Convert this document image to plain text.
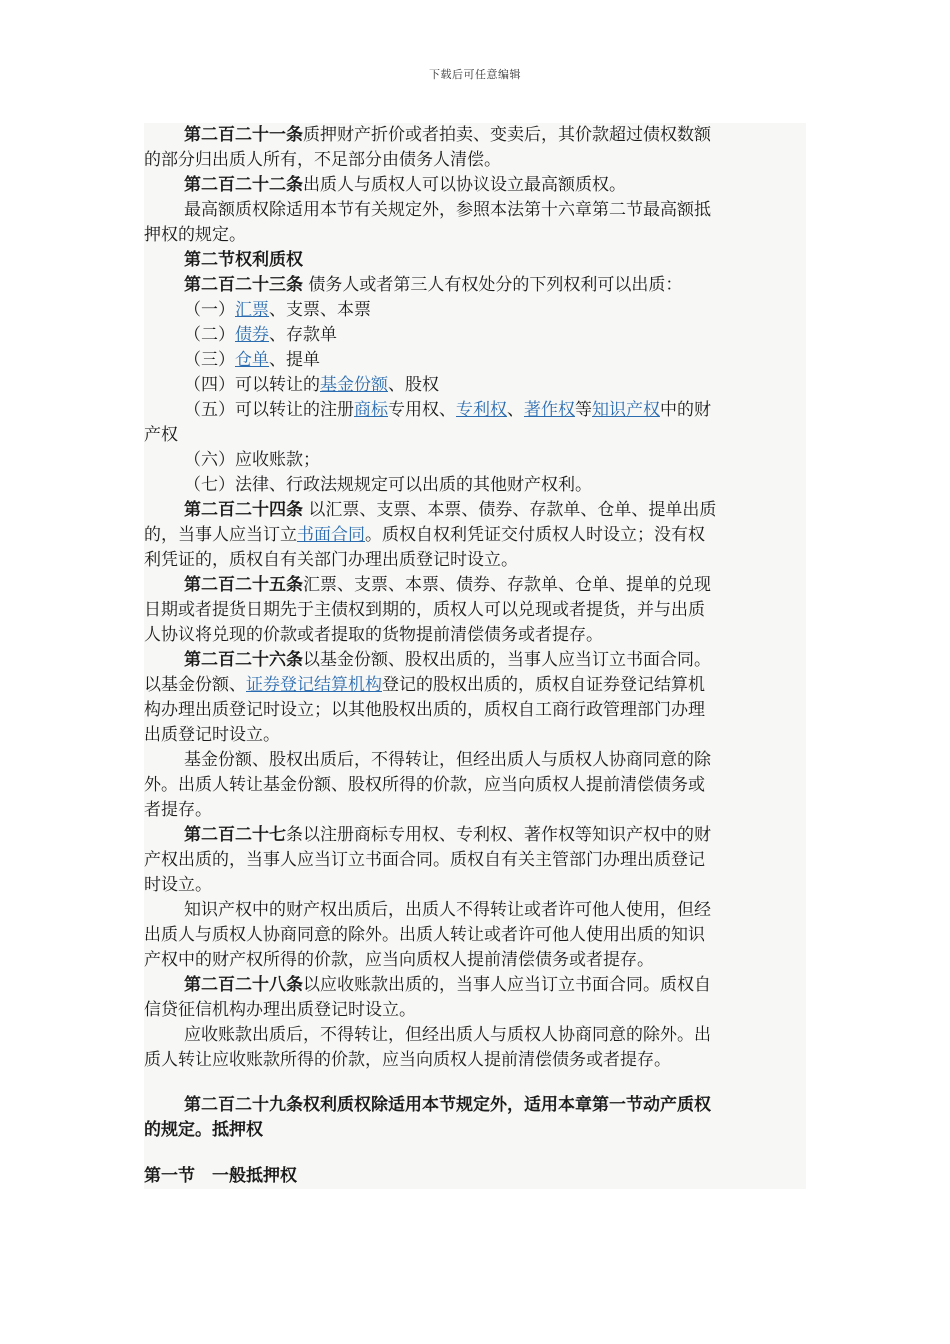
下载后可任意编辑
第二百二十一条质押财产折价或者拍卖、变卖后，其价款超过债权数额
的部分归出质人所有，不足部分由债务人清偿。
第二百二十二条出质人与质权人可以协议设立最高额质权。
最高额质权除适用本节有关规定外，参照本法第十六章第二节最高额抵
押权的规定。
第二节权利质权
第二百二十三条 债务人或者第三人有权处分的下列权利可以出质：
（一）汇票、支票、本票
（二）债券、存款单
（三）仓单、提单
（四）可以转让的基金份额、股权
（五）可以转让的注册商标专用权、专利权、著作权等知识产权中的财
产权
（六）应收账款；
（七）法律、行政法规规定可以出质的其他财产权利。
第二百二十四条 以汇票、支票、本票、债券、存款单、仓单、提单出质
的，当事人应当订立书面合同。质权自权利凭证交付质权人时设立；没有权
利凭证的，质权自有关部门办理出质登记时设立。
第二百二十五条汇票、支票、本票、债券、存款单、仓单、提单的兑现
日期或者提货日期先于主债权到期的，质权人可以兑现或者提货，并与出质
人协议将兑现的价款或者提取的货物提前清偿债务或者提存。
第二百二十六条以基金份额、股权出质的，当事人应当订立书面合同。
以基金份额、证券登记结算机构登记的股权出质的，质权自证券登记结算机
构办理出质登记时设立；以其他股权出质的，质权自工商行政管理部门办理
出质登记时设立。
基金份额、股权出质后，不得转让，但经出质人与质权人协商同意的除
外。出质人转让基金份额、股权所得的价款，应当向质权人提前清偿债务或
者提存。
第二百二十七条以注册商标专用权、专利权、著作权等知识产权中的财
产权出质的，当事人应当订立书面合同。质权自有关主管部门办理出质登记
时设立。
知识产权中的财产权出质后，出质人不得转让或者许可他人使用，但经
出质人与质权人协商同意的除外。出质人转让或者许可他人使用出质的知识
产权中的财产权所得的价款，应当向质权人提前清偿债务或者提存。
第二百二十八条以应收账款出质的，当事人应当订立书面合同。质权自
信贷征信机构办理出质登记时设立。
应收账款出质后，不得转让，但经出质人与质权人协商同意的除外。出
质人转让应收账款所得的价款，应当向质权人提前清偿债务或者提存。
第二百二十九条权利质权除适用本节规定外，适用本章第一节动产质权
的规定。抵押权
第一节　一般抵押权
